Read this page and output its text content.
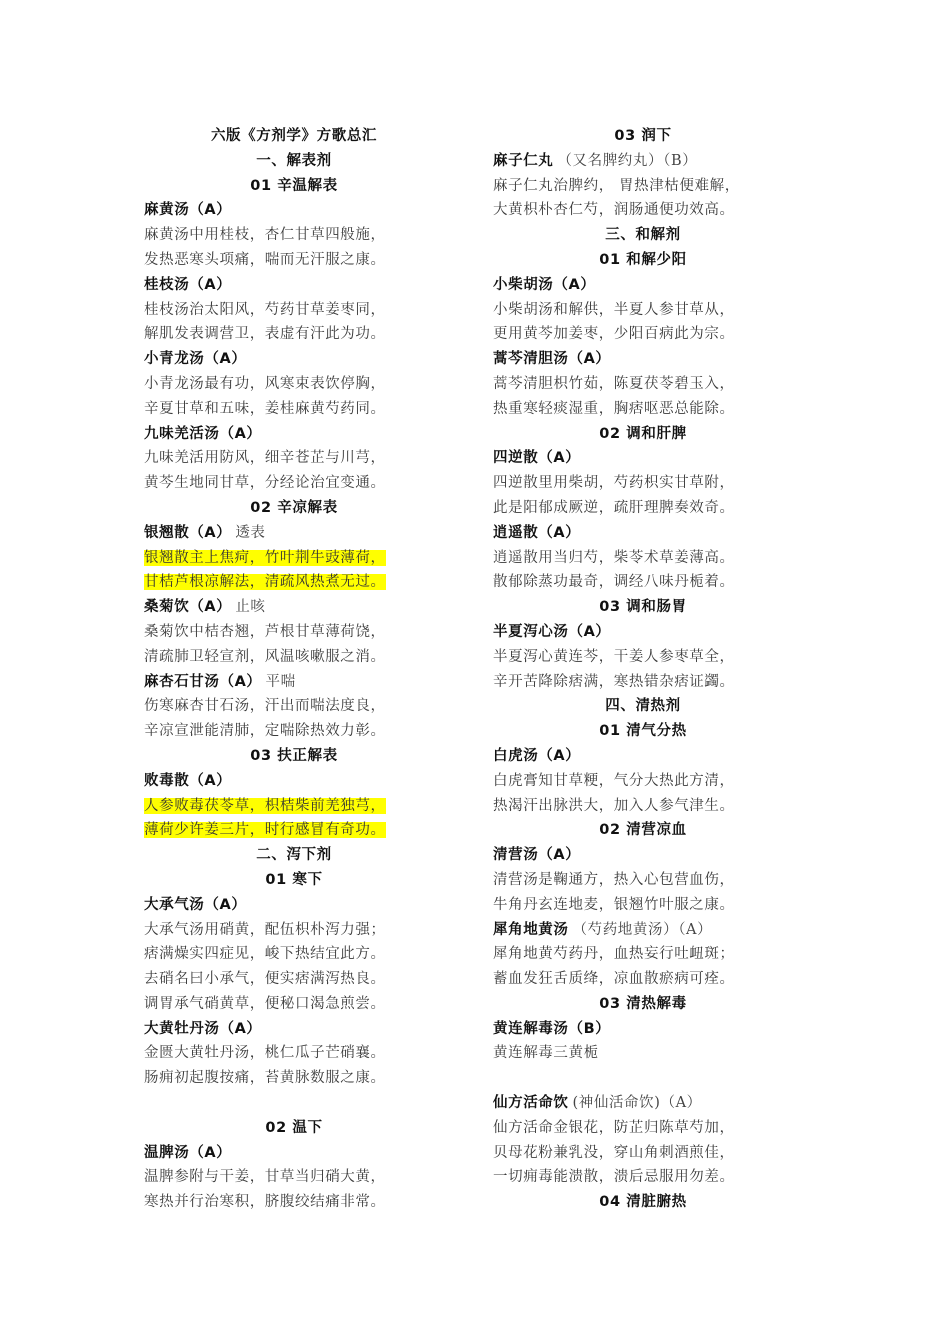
六版《方剂学》方歌总汇
一、解表剂
01 辛温解表
麻黄汤（A）
麻黄汤中用桂枝，杏仁甘草四般施，
发热恶寒头项痛，喘而无汗服之康。
桂枝汤（A）
桂枝汤治太阳风，芍药甘草姜枣同，
解肌发表调营卫，表虚有汗此为功。
小青龙汤（A）
小青龙汤最有功，风寒束表饮停胸，
辛夏甘草和五味，姜桂麻黄芍药同。
九味羌活汤（A）
九味羌活用防风，细辛苍芷与川芎，
黄芩生地同甘草，分经论治宜变通。
02 辛凉解表
银翘散（A） 透表
银翘散主上焦疴，竹叶荆牛豉薄荷，
甘桔芦根凉解法，清疏风热煮无过。
桑菊饮（A） 止咳
桑菊饮中桔杏翘，芦根甘草薄荷饶，
清疏肺卫轻宣剂，风温咳嗽服之消。
麻杏石甘汤（A） 平喘
伤寒麻杏甘石汤，汗出而喘法度良，
辛凉宣泄能清肺，定喘除热效力彰。
03 扶正解表
败毒散（A）
人参败毒茯苓草，枳桔柴前羌独芎，
薄荷少许姜三片，时行感冒有奇功。
二、泻下剂
01 寒下
大承气汤（A）
大承气汤用硝黄，配伍枳朴泻力强；
痞满燥实四症见，峻下热结宜此方。
去硝名曰小承气，便实痞满泻热良。
调胃承气硝黄草，便秘口渴急煎尝。
大黄牡丹汤（A）
金匮大黄牡丹汤，桃仁瓜子芒硝襄。
肠痈初起腹按痛，苔黄脉数服之康。
02 温下
温脾汤（A）
温脾参附与干姜，甘草当归硝大黄，
寒热并行治寒积，脐腹绞结痛非常。
03 润下
麻子仁丸 （又名脾约丸）（B）
麻子仁丸治脾约， 胃热津枯便难解，
大黄枳朴杏仁芍，润肠通便功效高。
三、和解剂
01 和解少阳
小柴胡汤（A）
小柴胡汤和解供，半夏人参甘草从，
更用黄芩加姜枣，少阳百病此为宗。
蒿芩清胆汤（A）
蒿芩清胆枳竹茹，陈夏茯苓碧玉入，
热重寒轻痰湿重，胸痞呕恶总能除。
02 调和肝脾
四逆散（A）
四逆散里用柴胡，芍药枳实甘草附，
此是阳郁成厥逆，疏肝理脾奏效奇。
逍遥散（A）
逍遥散用当归芍，柴苓术草姜薄高。
散郁除蒸功最奇，调经八味丹栀着。
03 调和肠胃
半夏泻心汤（A）
半夏泻心黄连芩，干姜人参枣草全，
辛开苦降除痞满，寒热错杂痞证蠲。
四、清热剂
01 清气分热
白虎汤（A）
白虎膏知甘草粳，气分大热此方清，
热渴汗出脉洪大，加入人参气津生。
02 清营凉血
清营汤（A）
清营汤是鞠通方，热入心包营血伤，
牛角丹玄连地麦，银翘竹叶服之康。
犀角地黄汤 （芍药地黄汤）（A）
犀角地黄芍药丹，血热妄行吐衄斑；
蓄血发狂舌质绛，凉血散瘀病可痊。
03 清热解毒
黄连解毒汤（B）
黄连解毒三黄栀
仙方活命饮 (神仙活命饮)（A）
仙方活命金银花，防芷归陈草芍加，
贝母花粉兼乳没，穿山角刺酒煎佳，
一切痈毒能溃散，溃后忌服用勿差。
04 清脏腑热
